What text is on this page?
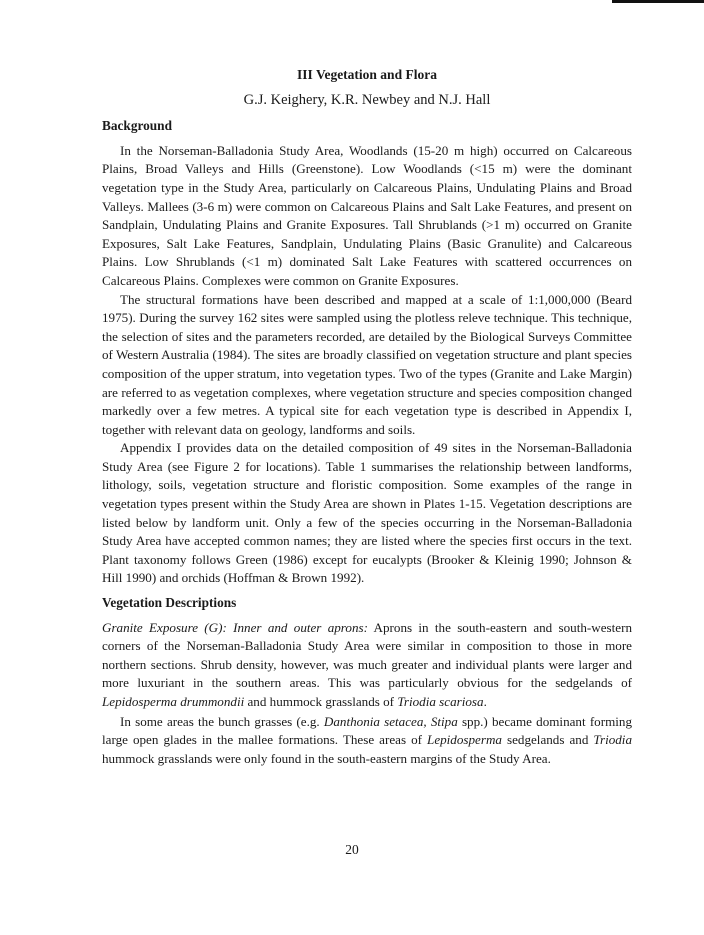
III Vegetation and Flora
G.J. Keighery, K.R. Newbey and N.J. Hall
Background

In the Norseman-Balladonia Study Area, Woodlands (15-20 m high) occurred on Calcareous Plains, Broad Valleys and Hills (Greenstone). Low Woodlands (<15 m) were the dominant vegetation type in the Study Area, particularly on Calcareous Plains, Undulating Plains and Broad Valleys. Mallees (3-6 m) were common on Calcareous Plains and Salt Lake Features, and present on Sandplain, Undulating Plains and Granite Exposures. Tall Shrublands (>1 m) occurred on Granite Exposures, Salt Lake Features, Sandplain, Undulating Plains (Basic Granulite) and Calcareous Plains. Low Shrublands (<1 m) dominated Salt Lake Features with scattered occurrences on Calcareous Plains. Complexes were common on Granite Exposures.

The structural formations have been described and mapped at a scale of 1:1,000,000 (Beard 1975). During the survey 162 sites were sampled using the plotless releve technique. This technique, the selection of sites and the parameters recorded, are detailed by the Biological Surveys Committee of Western Australia (1984). The sites are broadly classified on vegetation structure and plant species composition of the upper stratum, into vegetation types. Two of the types (Granite and Lake Margin) are referred to as vegetation complexes, where vegetation structure and species composition changed markedly over a few metres. A typical site for each vegetation type is described in Appendix I, together with relevant data on geology, landforms and soils.

Appendix I provides data on the detailed composition of 49 sites in the Norseman-Balladonia Study Area (see Figure 2 for locations). Table 1 summarises the relationship between landforms, lithology, soils, vegetation structure and floristic composition. Some examples of the range in vegetation types present within the Study Area are shown in Plates 1-15. Vegetation descriptions are listed below by landform unit. Only a few of the species occurring in the Norseman-Balladonia Study Area have accepted common names; they are listed where the species first occurs in the text. Plant taxonomy follows Green (1986) except for eucalypts (Brooker & Kleinig 1990; Johnson & Hill 1990) and orchids (Hoffman & Brown 1992).

Vegetation Descriptions

Granite Exposure (G): Inner and outer aprons: Aprons in the south-eastern and south-western corners of the Norseman-Balladonia Study Area were similar in composition to those in more northern sections. Shrub density, however, was much greater and individual plants were larger and more luxuriant in the southern areas. This was particularly obvious for the sedgelands of Lepidosperma drummondii and hummock grasslands of Triodia scariosa.

In some areas the bunch grasses (e.g. Danthonia setacea, Stipa spp.) became dominant forming large open glades in the mallee formations. These areas of Lepidosperma sedgelands and Triodia hummock grasslands were only found in the south-eastern margins of the Study Area.

20
